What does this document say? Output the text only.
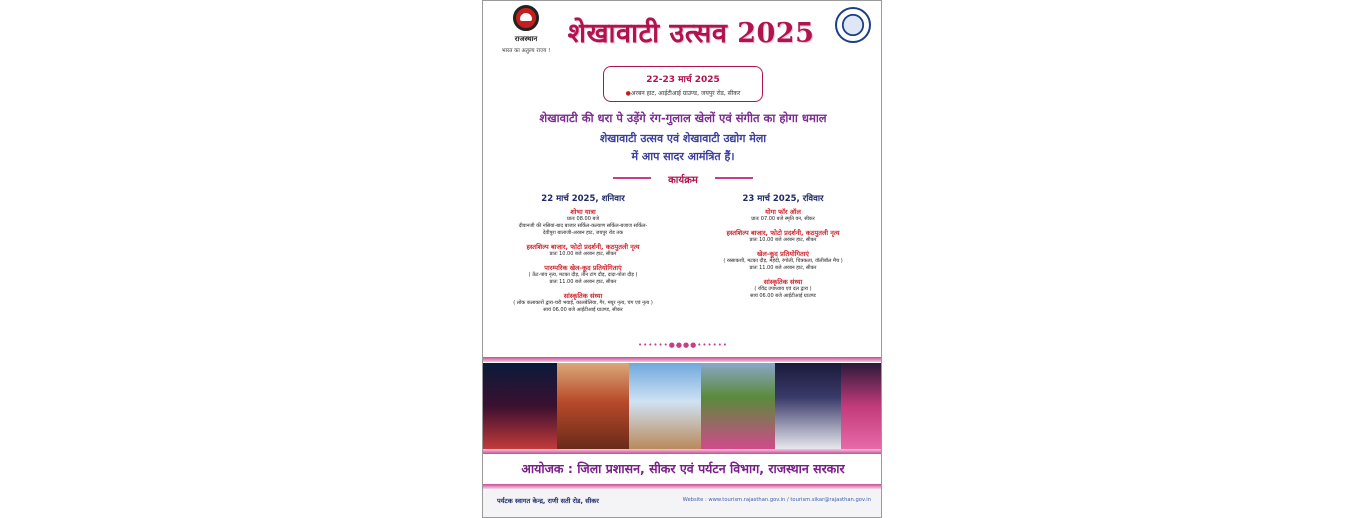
राजस्थान
भारत का अतुल्य राज्य !
शेखावाटी उत्सव 2025
22-23 मार्च 2025
●अरबन हाट, आईटीआई ग्राउण्ड, जयपुर रोड, सीकर
शेखावाटी की धरा पे उड़ेंगे रंग-गुलाल खेलों एवं संगीत का होगा धमाल
शेखावाटी उत्सव एवं शेखावाटी उद्योग मेला
में आप सादर आमंत्रित हैं।
कार्यक्रम
22 मार्च 2025, शनिवार
शोभा यात्रा
प्रातः 08.00 बजे
दीवानजी की नसियां-बाद बाजार सर्किल-कल्याण सर्किल-बजाज सर्किल-
देवीपुरा बालाजी-अरबन हाट, जयपुर रोड तक
हस्तशिल्प बाजार, फोटो प्रदर्शनी, कठपुतली नृत्य
प्रातः 10.00 बजे अरबन हाट, सीकर
पारम्परिक खेल-कूद प्रतियोगिताएं
( ऊँट-पांव नृत्य, मटका दौड़, तीन टांग दौड़, दादा-पोता दौड़ )
प्रातः 11.00 बजे अरबन हाट, सीकर
सांस्कृतिक संध्या
( लोक कलाकारों द्वारा-चरी भवाई, कालबेलिया, गैर, मयूर नृत्य, चंग एवं नृत्य )
सायं 06.00 बजे आईटीआई ग्राउण्ड, सीकर
23 मार्च 2025, रविवार
योगा फॉर ऑल
प्रातः 07.00 बजे स्मृति वन, सीकर
हस्तशिल्प बाजार, फोटो प्रदर्शनी, कठपुतली नृत्य
प्रातः 10.00 बजे अरबन हाट, सीकर
खेल-कूद प्रतियोगिताएं
( रस्साकशी, मटका दौड़, मेहंदी, रंगोली, चित्रकला, वॉलीबॉल मैच )
प्रातः 11.00 बजे अरबन हाट, सीकर
सांस्कृतिक संध्या
( रविंद्र उपाध्याय एवं दल द्वारा )
सायं 06.00 बजे आईटीआई ग्राउण्ड
••••••●●●●••••••
आयोजक : जिला प्रशासन, सीकर एवं पर्यटन विभाग, राजस्थान सरकार
पर्यटक स्वागत केन्द्र, राणी सती रोड, सीकर	Website : www.tourism.rajasthan.gov.in / tourism.sikar@rajasthan.gov.in
